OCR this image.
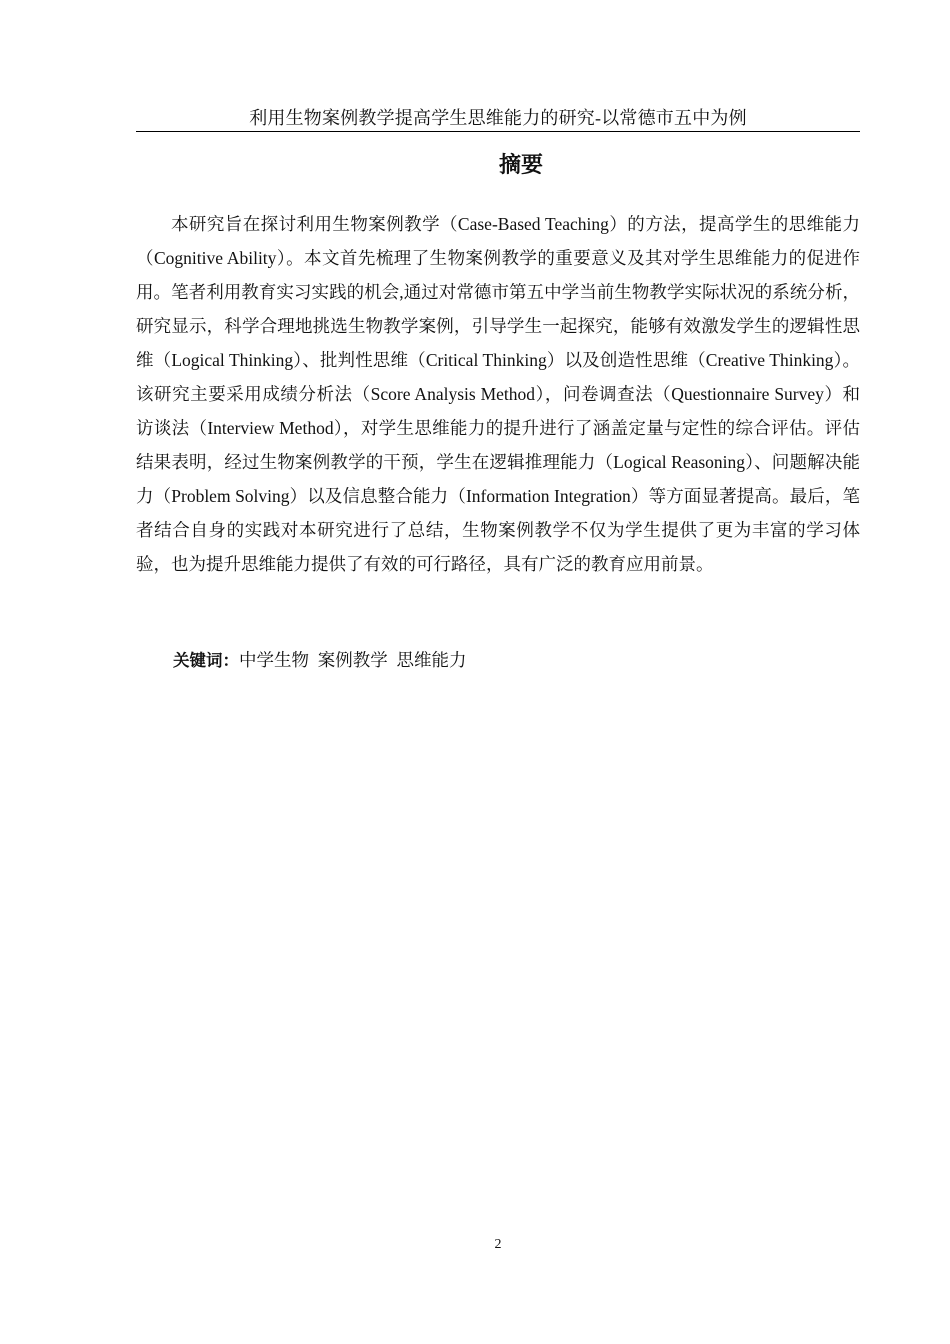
利用生物案例教学提高学生思维能力的研究-以常德市五中为例
摘要

本研究旨在探讨利用生物案例教学（Case-Based Teaching）的方法，提高学生的思维能力（Cognitive Ability）。本文首先梳理了生物案例教学的重要意义及其对学生思维能力的促进作用。笔者利用教育实习实践的机会,通过对常德市第五中学当前生物教学实际状况的系统分析，研究显示，科学合理地挑选生物教学案例，引导学生一起探究，能够有效激发学生的逻辑性思维（Logical Thinking）、批判性思维（Critical Thinking）以及创造性思维（Creative Thinking）。该研究主要采用成绩分析法（Score Analysis Method），问卷调查法（Questionnaire Survey）和访谈法（Interview Method），对学生思维能力的提升进行了涵盖定量与定性的综合评估。评估结果表明，经过生物案例教学的干预，学生在逻辑推理能力（Logical Reasoning）、问题解决能力（Problem Solving）以及信息整合能力（Information Integration）等方面显著提高。最后，笔者结合自身的实践对本研究进行了总结，生物案例教学不仅为学生提供了更为丰富的学习体验，也为提升思维能力提供了有效的可行路径，具有广泛的教育应用前景。

关键词：中学生物 案例教学 思维能力
2
